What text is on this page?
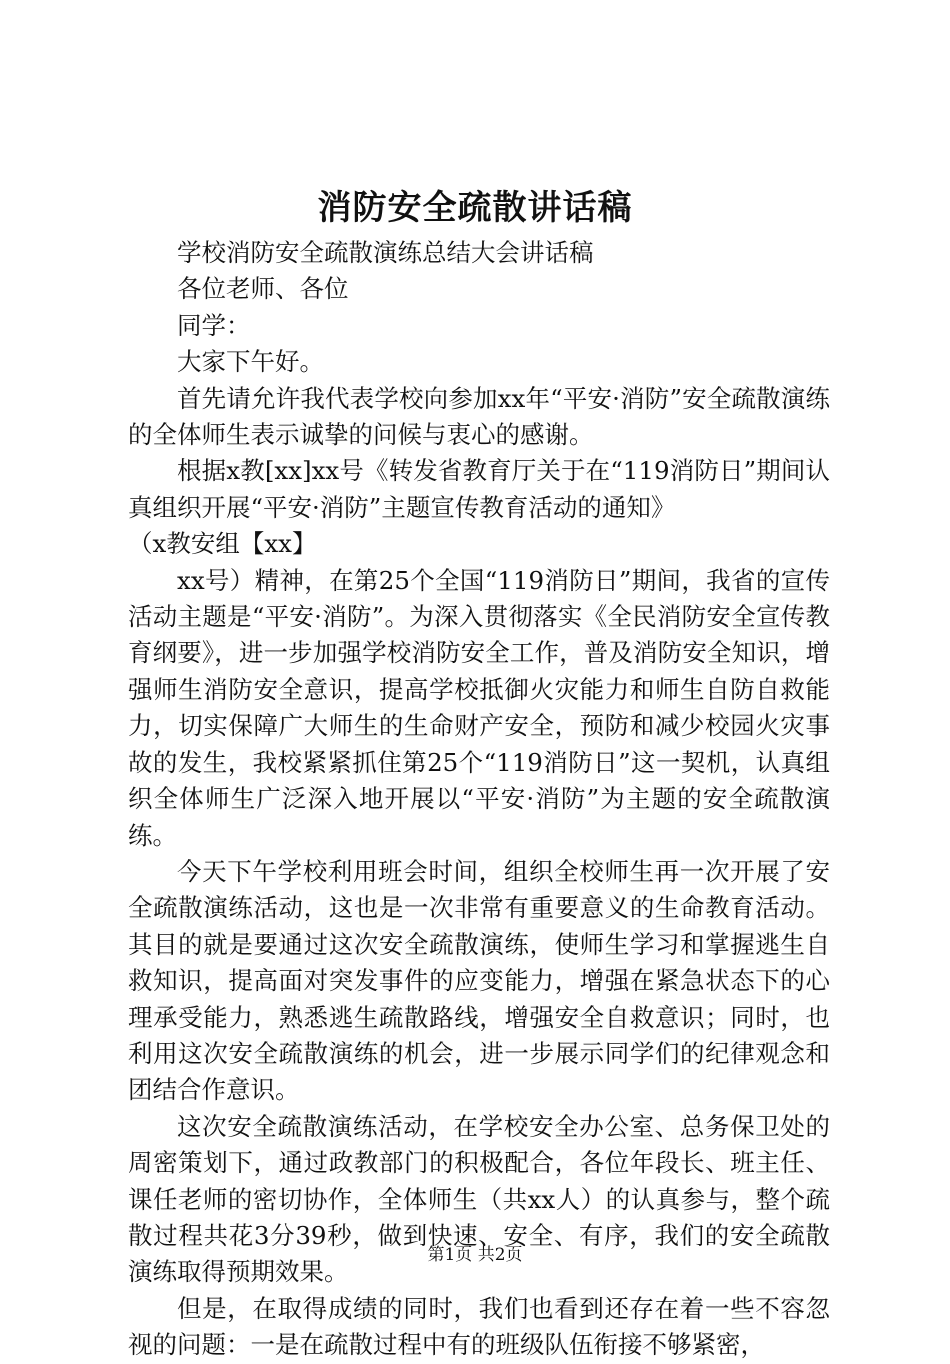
消防安全疏散讲话稿

学校消防安全疏散演练总结大会讲话稿

各位老师、各位

同学：

大家下午好。

首先请允许我代表学校向参加xx年“平安·消防”安全疏散演练的全体师生表示诚挚的问候与衷心的感谢。

根据x教[xx]xx号《转发省教育厅关于在“119消防日”期间认真组织开展“平安·消防”主题宣传教育活动的通知》

（x教安组【xx】

xx号）精神，在第25个全国“119消防日”期间，我省的宣传活动主题是“平安·消防”。为深入贯彻落实《全民消防安全宣传教育纲要》，进一步加强学校消防安全工作，普及消防安全知识，增强师生消防安全意识，提高学校抵御火灾能力和师生自防自救能力，切实保障广大师生的生命财产安全，预防和减少校园火灾事故的发生，我校紧紧抓住第25个“119消防日”这一契机，认真组织全体师生广泛深入地开展以“平安·消防”为主题的安全疏散演练。

今天下午学校利用班会时间，组织全校师生再一次开展了安全疏散演练活动，这也是一次非常有重要意义的生命教育活动。其目的就是要通过这次安全疏散演练，使师生学习和掌握逃生自救知识，提高面对突发事件的应变能力，增强在紧急状态下的心理承受能力，熟悉逃生疏散路线，增强安全自救意识；同时，也利用这次安全疏散演练的机会，进一步展示同学们的纪律观念和团结合作意识。

这次安全疏散演练活动，在学校安全办公室、总务保卫处的周密策划下，通过政教部门的积极配合，各位年段长、班主任、课任老师的密切协作，全体师生（共xx人）的认真参与，整个疏散过程共花3分39秒，做到快速、安全、有序，我们的安全疏散演练取得预期效果。

但是，在取得成绩的同时，我们也看到还存在着一些不容忽视的问题：一是在疏散过程中有的班级队伍衔接不够紧密，

第1页 共2页
